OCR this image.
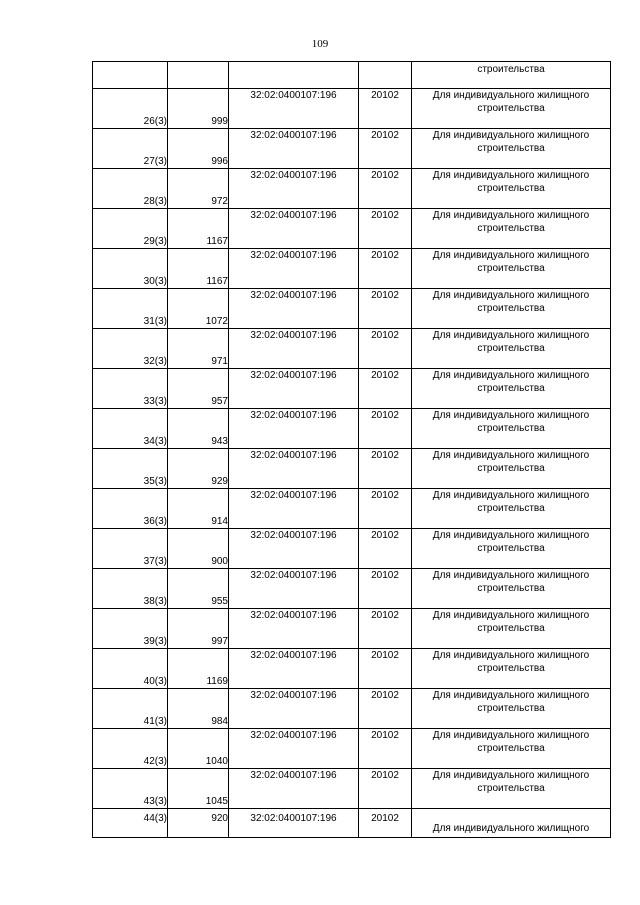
109

				строительства

26(3)	999	32:02:0400107:196	20102	Для индивидуального жилищного
строительства

27(3)	996	32:02:0400107:196	20102	Для индивидуального жилищного
строительства

28(3)	972	32:02:0400107:196	20102	Для индивидуального жилищного
строительства

29(3)	1167	32:02:0400107:196	20102	Для индивидуального жилищного
строительства

30(3)	1167	32:02:0400107:196	20102	Для индивидуального жилищного
строительства

31(3)	1072	32:02:0400107:196	20102	Для индивидуального жилищного
строительства

32(3)	971	32:02:0400107:196	20102	Для индивидуального жилищного
строительства

33(3)	957	32:02:0400107:196	20102	Для индивидуального жилищного
строительства

34(3)	943	32:02:0400107:196	20102	Для индивидуального жилищного
строительства

35(3)	929	32:02:0400107:196	20102	Для индивидуального жилищного
строительства

36(3)	914	32:02:0400107:196	20102	Для индивидуального жилищного
строительства

37(3)	900	32:02:0400107:196	20102	Для индивидуального жилищного
строительства

38(3)	955	32:02:0400107:196	20102	Для индивидуального жилищного
строительства

39(3)	997	32:02:0400107:196	20102	Для индивидуального жилищного
строительства

40(3)	1169	32:02:0400107:196	20102	Для индивидуального жилищного
строительства

41(3)	984	32:02:0400107:196	20102	Для индивидуального жилищного
строительства

42(3)	1040	32:02:0400107:196	20102	Для индивидуального жилищного
строительства

43(3)	1045	32:02:0400107:196	20102	Для индивидуального жилищного
строительства

44(3)	920	32:02:0400107:196	20102	Для индивидуального жилищного
